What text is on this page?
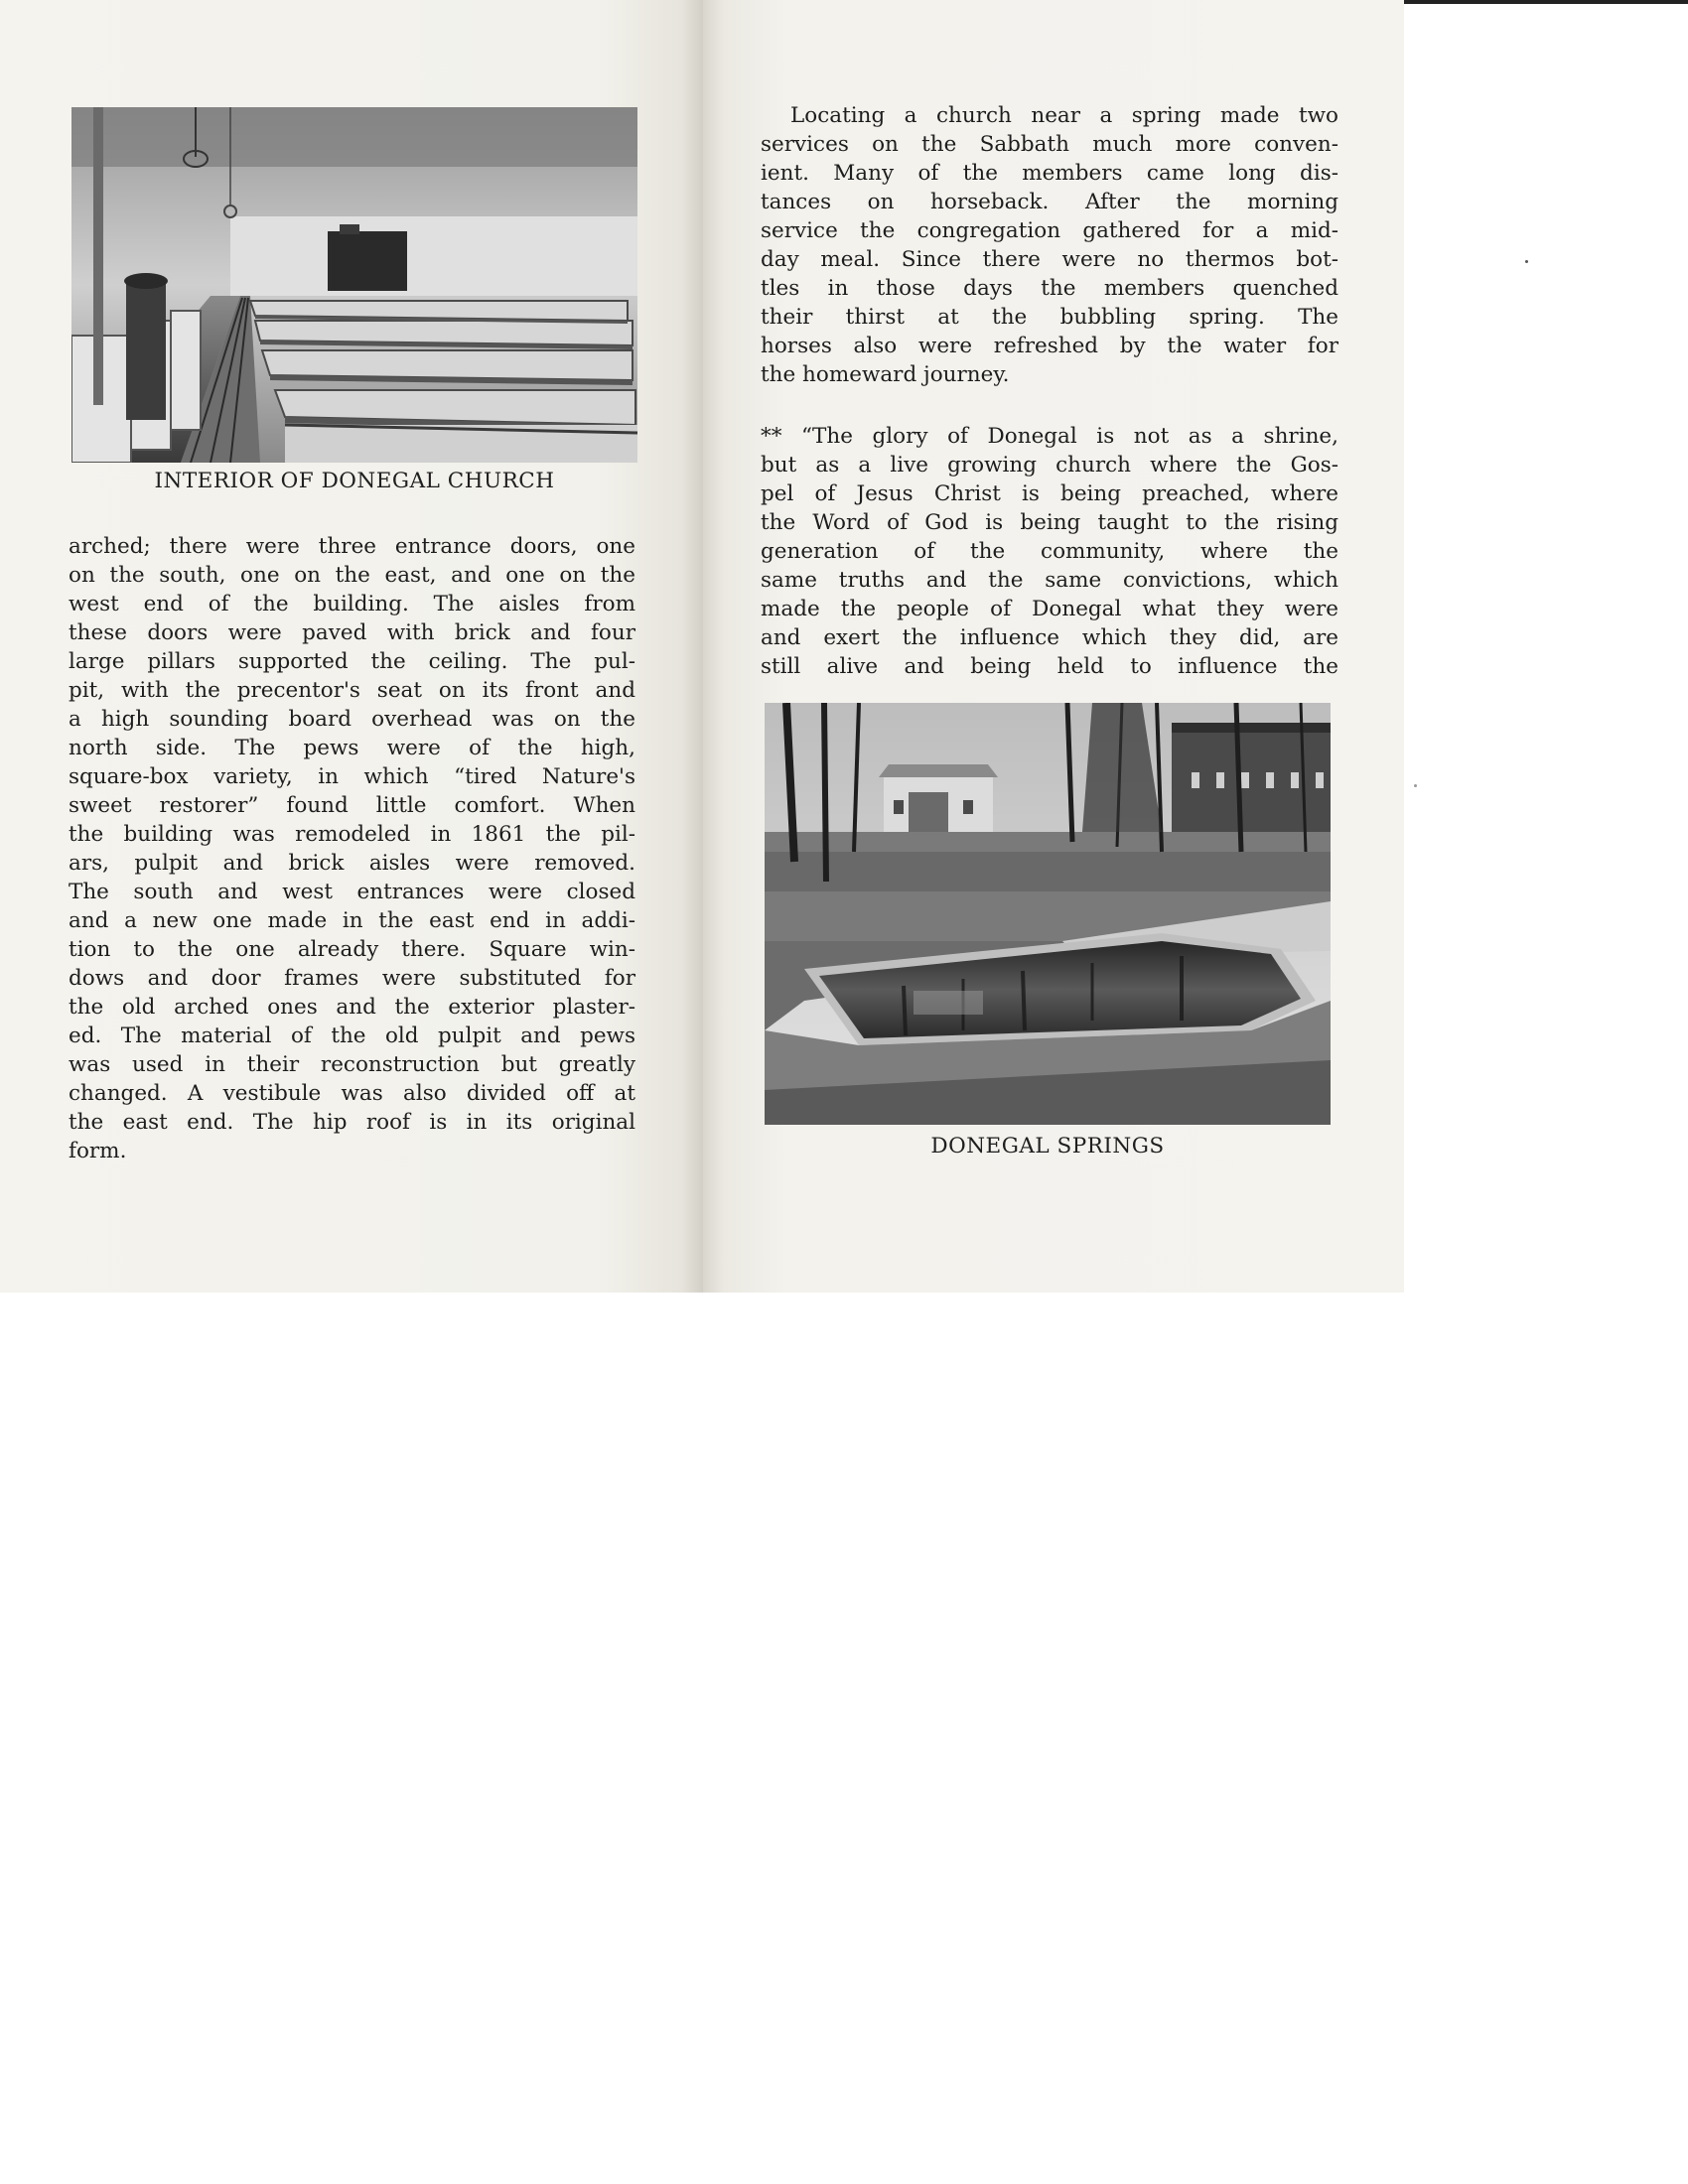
INTERIOR OF DONEGAL CHURCH
arched; there were three entrance doors, one
on the south, one on the east, and one on the
west end of the building. The aisles from
these doors were paved with brick and four
large pillars supported the ceiling. The pul-
pit, with the precentor's seat on its front and
a high sounding board overhead was on the
north side. The pews were of the high,
square-box variety, in which “tired Nature's
sweet restorer” found little comfort. When
the building was remodeled in 1861 the pil-
ars, pulpit and brick aisles were removed.
The south and west entrances were closed
and a new one made in the east end in addi-
tion to the one already there. Square win-
dows and door frames were substituted for
the old arched ones and the exterior plaster-
ed. The material of the old pulpit and pews
was used in their reconstruction but greatly
changed. A vestibule was also divided off at
the east end. The hip roof is in its original
form.
Locating a church near a spring made two
services on the Sabbath much more conven-
ient. Many of the members came long dis-
tances on horseback. After the morning
service the congregation gathered for a mid-
day meal. Since there were no thermos bot-
tles in those days the members quenched
their thirst at the bubbling spring. The
horses also were refreshed by the water for
the homeward journey.
** “The glory of Donegal is not as a shrine,
but as a live growing church where the Gos-
pel of Jesus Christ is being preached, where
the Word of God is being taught to the rising
generation of the community, where the
same truths and the same convictions, which
made the people of Donegal what they were
and exert the influence which they did, are
still alive and being held to influence the
DONEGAL SPRINGS
